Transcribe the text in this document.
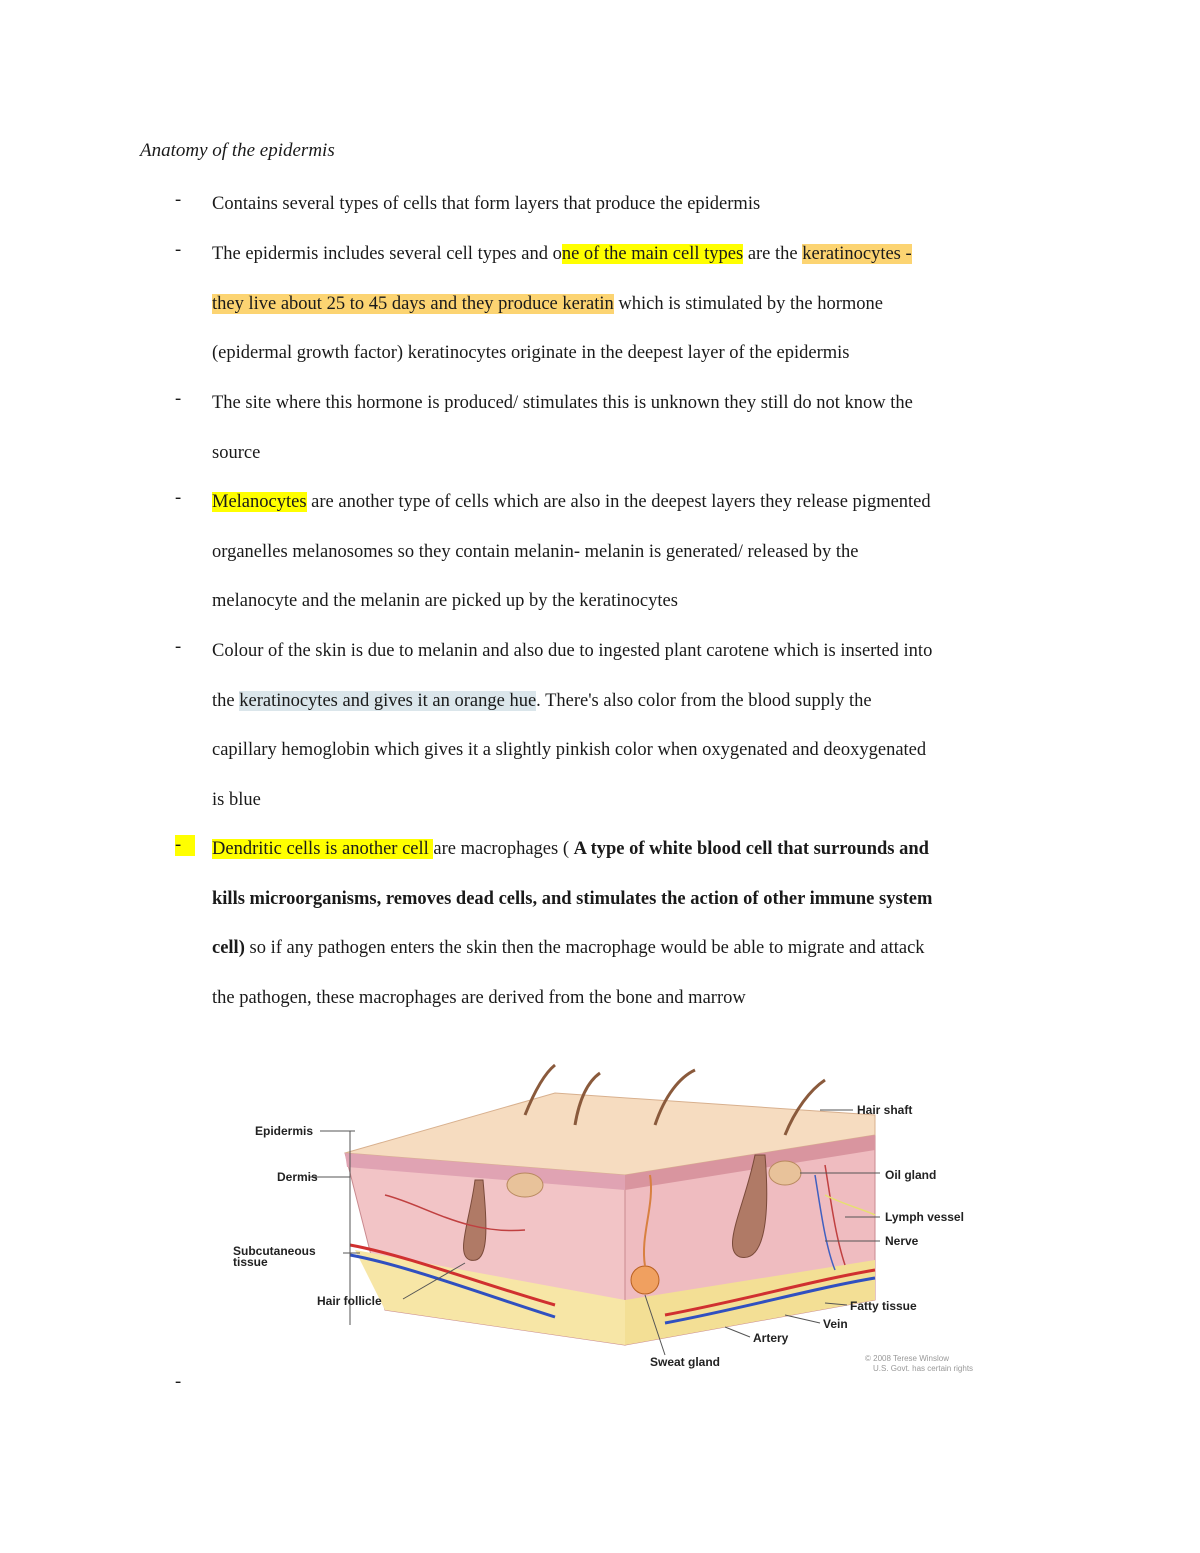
Anatomy of the epidermis
-	Contains several types of cells that form layers that produce the epidermis
-	The epidermis includes several cell types and one of the main cell types are the keratinocytes -
they live about 25 to 45 days and they produce keratin which is stimulated by the hormone
(epidermal growth factor) keratinocytes originate in the deepest layer of the epidermis
-	The site where this hormone is produced/ stimulates this is unknown they still do not know the
source
-	Melanocytes are another type of cells which are also in the deepest layers they release pigmented
organelles melanosomes so they contain melanin- melanin is generated/ released by the
melanocyte and the melanin are picked up by the keratinocytes
-	Colour of the skin is due to melanin and also due to ingested plant carotene which is inserted into
the keratinocytes and gives it an orange hue. There's also color from the blood supply the
capillary hemoglobin which gives it a slightly pinkish color when oxygenated and deoxygenated
is blue
-	Dendritic cells is another cell are macrophages ( A type of white blood cell that surrounds and
kills microorganisms, removes dead cells, and stimulates the action of other immune system
cell) so if any pathogen enters the skin then the macrophage would be able to migrate and attack
the pathogen, these macrophages are derived from the bone and marrow
Epidermis
Dermis
Subcutaneous
tissue
Hair follicle
Hair shaft
Oil gland
Lymph vessel
Nerve
Fatty tissue
Vein
Artery
Sweat gland	© 2008 Terese Winslow
U.S. Govt. has certain rights
-
